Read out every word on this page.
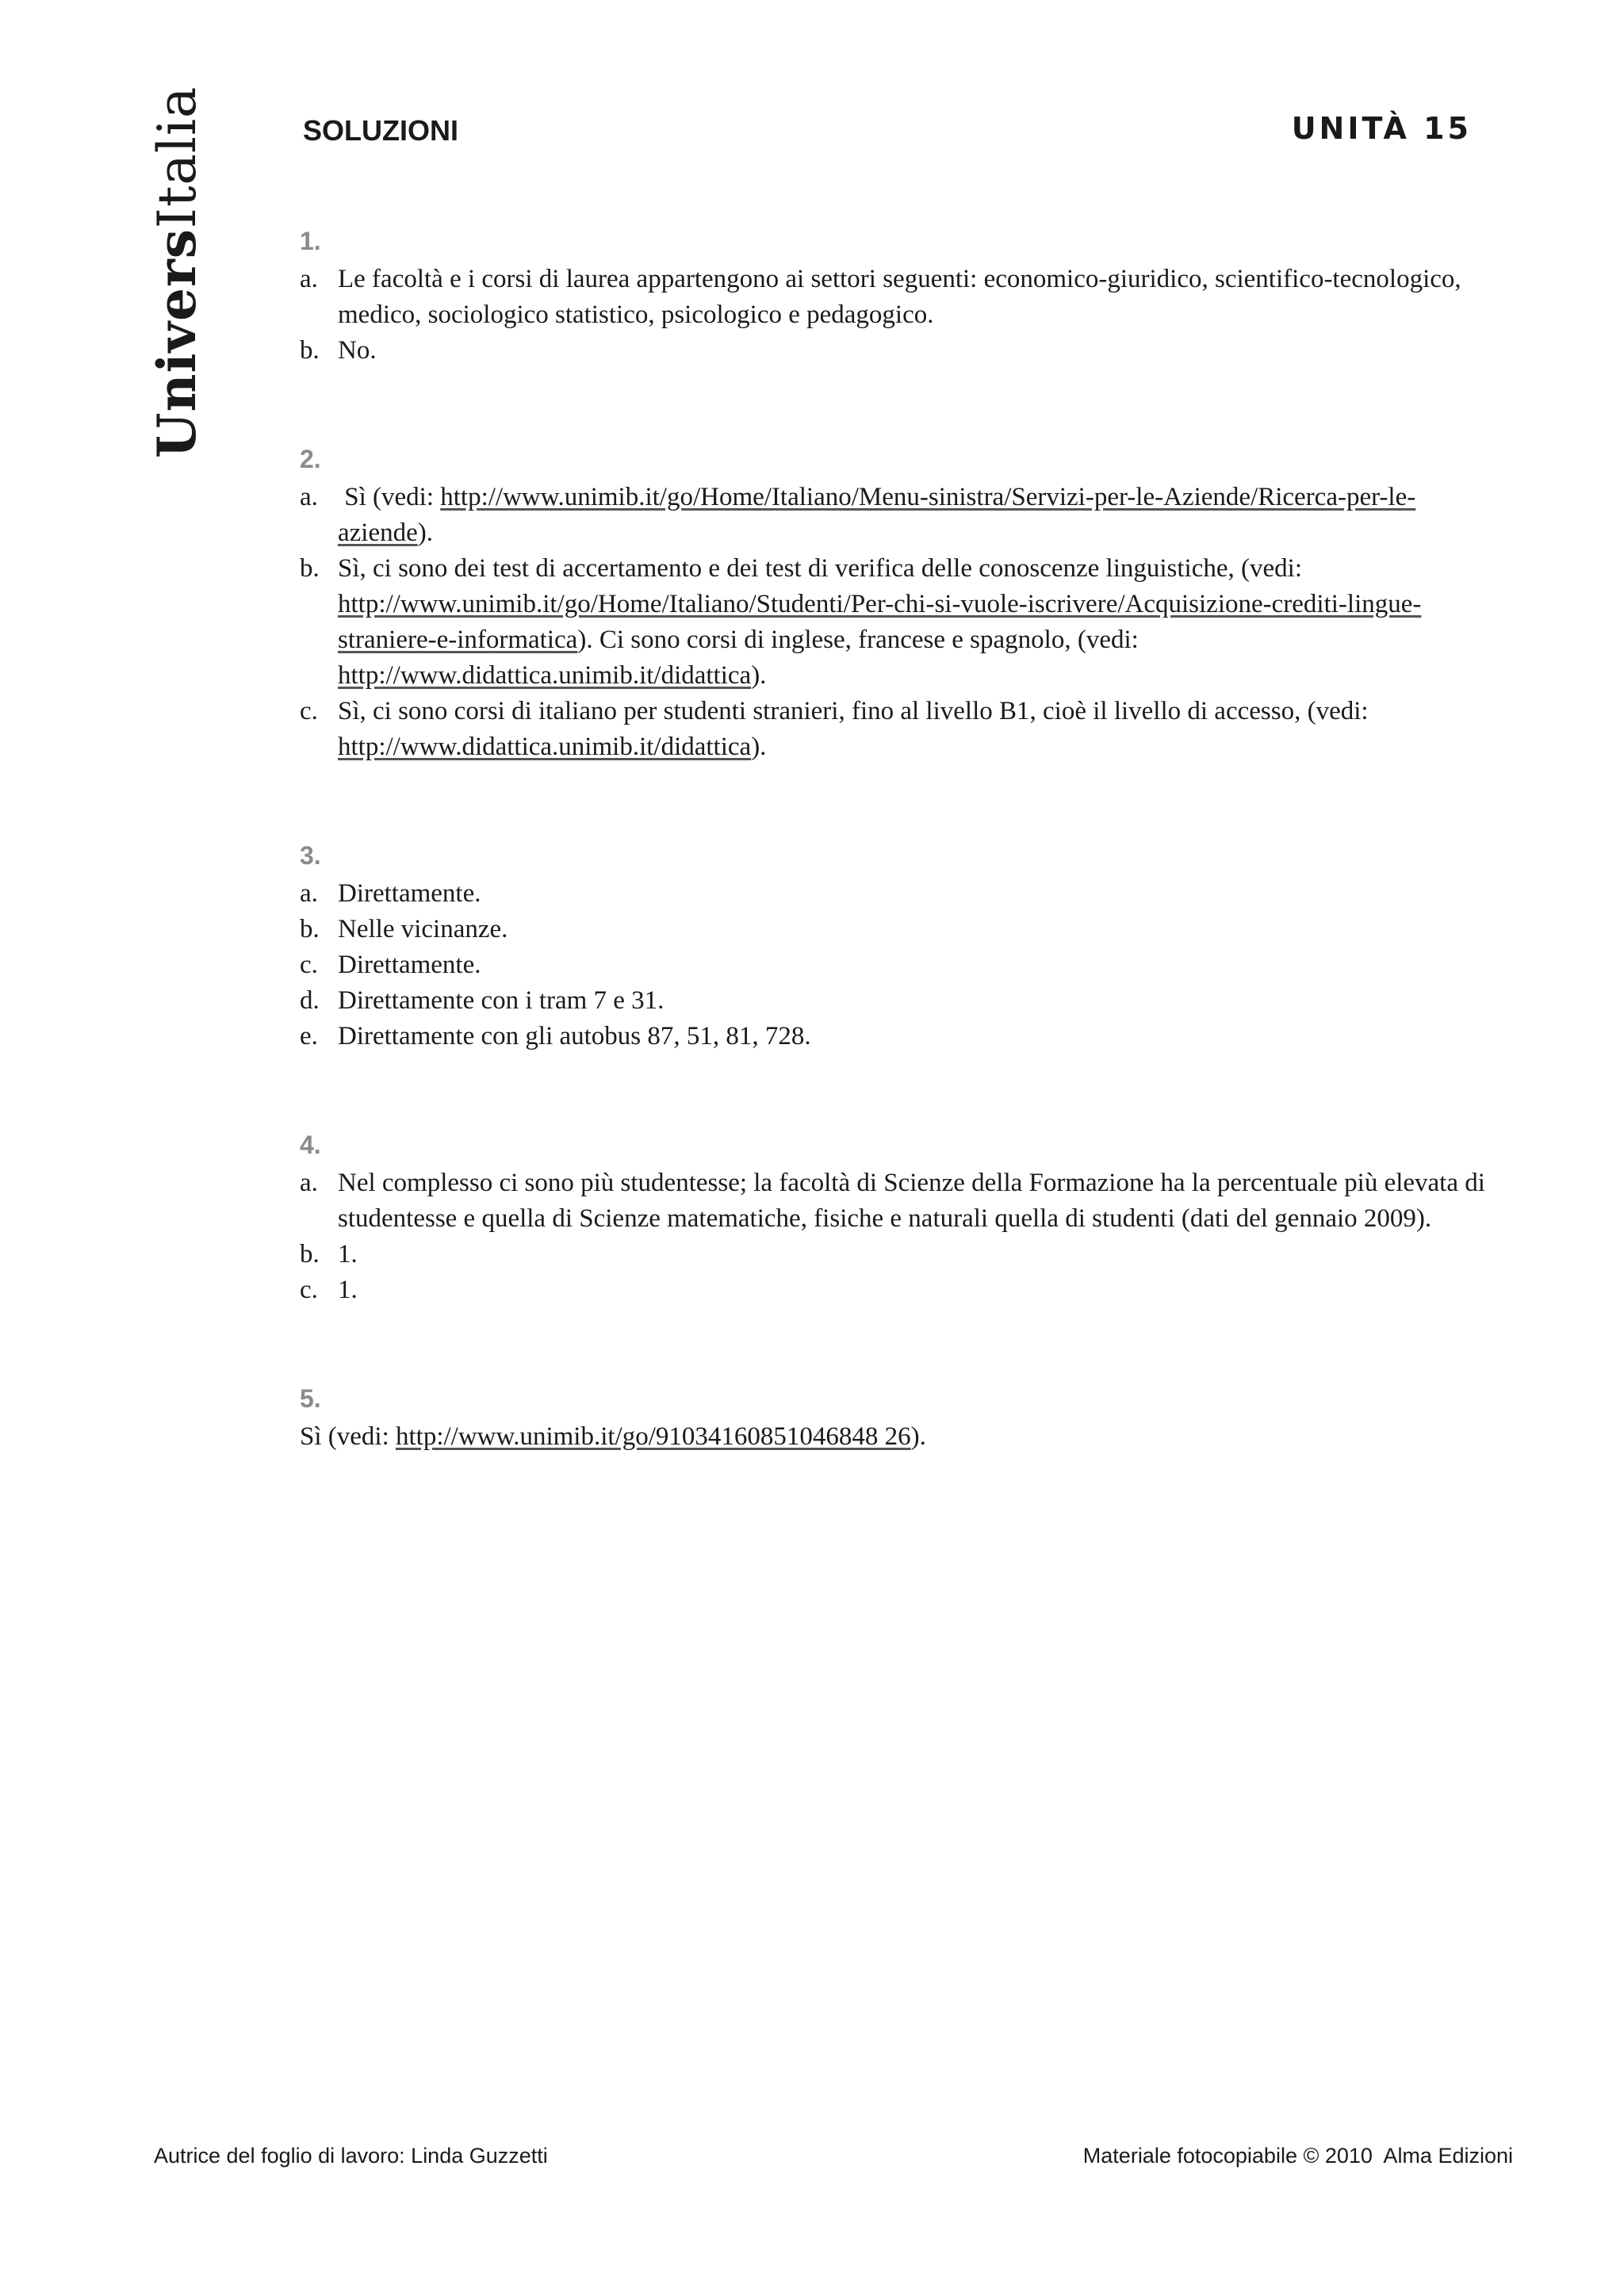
UniversItalia	SOLUZIONI	UNITÀ 15
1.
a. Le facoltà e i corsi di laurea appartengono ai settori seguenti: economico-giuridico, scientifico-tecnologico, medico, sociologico statistico, psicologico e pedagogico.
b. No.
2.
a. Sì (vedi: http://www.unimib.it/go/Home/Italiano/Menu-sinistra/Servizi-per-le-Aziende/Ricerca-per-le-aziende).
b. Sì, ci sono dei test di accertamento e dei test di verifica delle conoscenze linguistiche, (vedi: http://www.unimib.it/go/Home/Italiano/Studenti/Per-chi-si-vuole-iscrivere/Acquisizione-crediti-lingue-straniere-e-informatica). Ci sono corsi di inglese, francese e spagnolo, (vedi: http://www.didattica.unimib.it/didattica).
c. Sì, ci sono corsi di italiano per studenti stranieri, fino al livello B1, cioè il livello di accesso, (vedi: http://www.didattica.unimib.it/didattica).
3.
a. Direttamente.
b. Nelle vicinanze.
c. Direttamente.
d. Direttamente con i tram 7 e 31.
e. Direttamente con gli autobus 87, 51, 81, 728.
4.
a. Nel complesso ci sono più studentesse; la facoltà di Scienze della Formazione ha la percentuale più elevata di studentesse e quella di Scienze matematiche, fisiche e naturali quella di studenti (dati del gennaio 2009).
b. 1.
c. 1.
5.
Sì (vedi: http://www.unimib.it/go/91034160851046848 26).
Autrice del foglio di lavoro: Linda Guzzetti	Materiale fotocopiabile © 2010  Alma Edizioni
